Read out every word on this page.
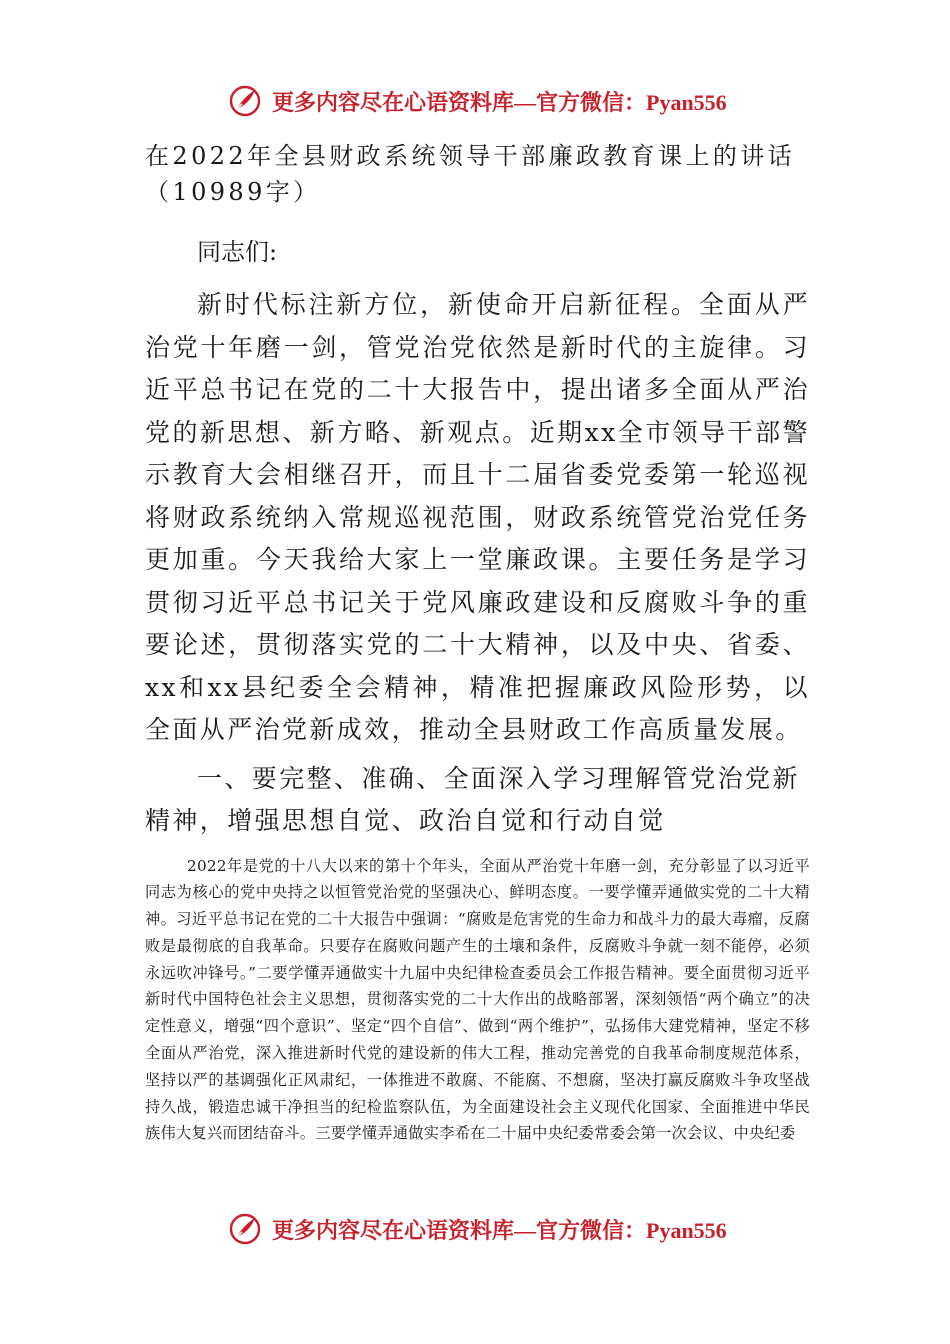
更多内容尽在心语资料库—官方微信：Pyan556

在2022年全县财政系统领导干部廉政教育课上的讲话（10989字）

同志们:

新时代标注新方位，新使命开启新征程。全面从严治党十年磨一剑，管党治党依然是新时代的主旋律。习近平总书记在党的二十大报告中，提出诸多全面从严治党的新思想、新方略、新观点。近期xx全市领导干部警示教育大会相继召开，而且十二届省委党委第一轮巡视将财政系统纳入常规巡视范围，财政系统管党治党任务更加重。今天我给大家上一堂廉政课。主要任务是学习贯彻习近平总书记关于党风廉政建设和反腐败斗争的重要论述，贯彻落实党的二十大精神，以及中央、省委、xx和xx县纪委全会精神，精准把握廉政风险形势，以全面从严治党新成效，推动全县财政工作高质量发展。

一、要完整、准确、全面深入学习理解管党治党新精神，增强思想自觉、政治自觉和行动自觉

2022年是党的十八大以来的第十个年头，全面从严治党十年磨一剑，充分彰显了以习近平同志为核心的党中央持之以恒管党治党的坚强决心、鲜明态度。一要学懂弄通做实党的二十大精神。习近平总书记在党的二十大报告中强调：“腐败是危害党的生命力和战斗力的最大毒瘤，反腐败是最彻底的自我革命。只要存在腐败问题产生的土壤和条件，反腐败斗争就一刻不能停，必须永远吹冲锋号。”二要学懂弄通做实十九届中央纪律检查委员会工作报告精神。要全面贯彻习近平新时代中国特色社会主义思想，贯彻落实党的二十大作出的战略部署，深刻领悟“两个确立”的决定性意义，增强“四个意识”、坚定“四个自信”、做到“两个维护”，弘扬伟大建党精神，坚定不移全面从严治党，深入推进新时代党的建设新的伟大工程，推动完善党的自我革命制度规范体系，坚持以严的基调强化正风肃纪，一体推进不敢腐、不能腐、不想腐，坚决打赢反腐败斗争攻坚战持久战，锻造忠诚干净担当的纪检监察队伍，为全面建设社会主义现代化国家、全面推进中华民族伟大复兴而团结奋斗。三要学懂弄通做实李希在二十届中央纪委常委会第一次会议、中央纪委

更多内容尽在心语资料库—官方微信：Pyan556
